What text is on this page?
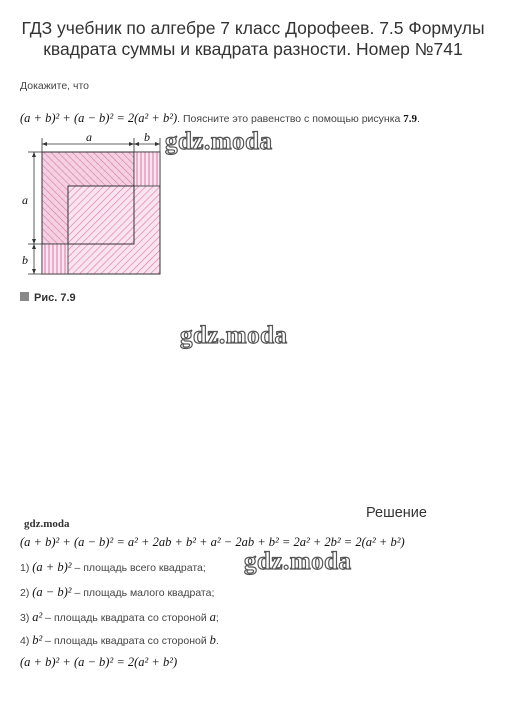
ГДЗ учебник по алгебре 7 класс Дорофеев. 7.5 Формулы
квадрата суммы и квадрата разности. Номер №741
Докажите, что
(a + b)² + (a − b)² = 2(a² + b²). Поясните это равенство с помощью рисунка 7.9.
a	b
a
b
Рис. 7.9
gdz.moda
gdz.moda
gdz.moda
gdz.moda
Решение
(a + b)² + (a − b)² = a² + 2ab + b² + a² − 2ab + b² = 2a² + 2b² = 2(a² + b²)
1) (a + b)² – площадь всего квадрата;
2) (a − b)² – площадь малого квадрата;
3) a² – площадь квадрата со стороной a;
4) b² – площадь квадрата со стороной b.
(a + b)² + (a − b)² = 2(a² + b²)
